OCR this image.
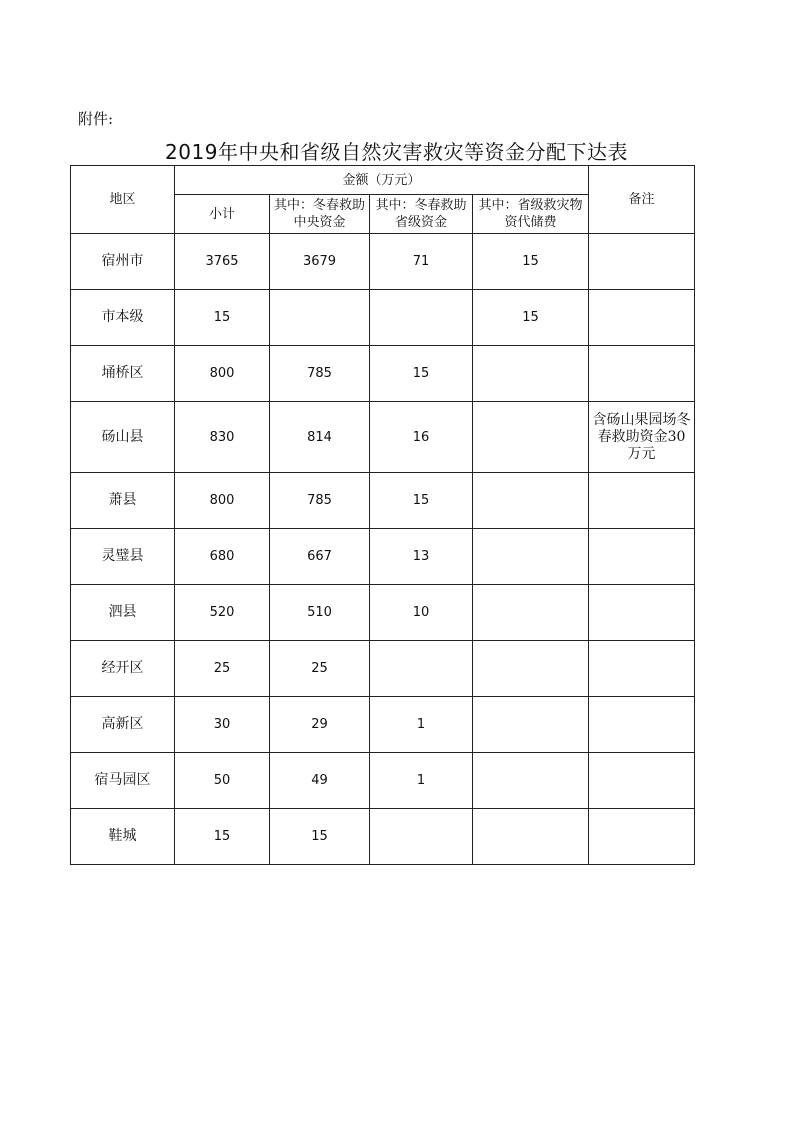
附件:
2019年中央和省级自然灾害救灾等资金分配下达表
地区	金额（万元）				备注
	小计	其中：冬春救助中央资金	其中：冬春救助省级资金	其中：省级救灾物资代储费	
宿州市	3765	3679	71	15	
市本级	15			15	
埇桥区	800	785	15		
砀山县	830	814	16		含砀山果园场冬春救助资金30万元
萧县	800	785	15		
灵璧县	680	667	13		
泗县	520	510	10		
经开区	25	25			
高新区	30	29	1		
宿马园区	50	49	1		
鞋城	15	15			
